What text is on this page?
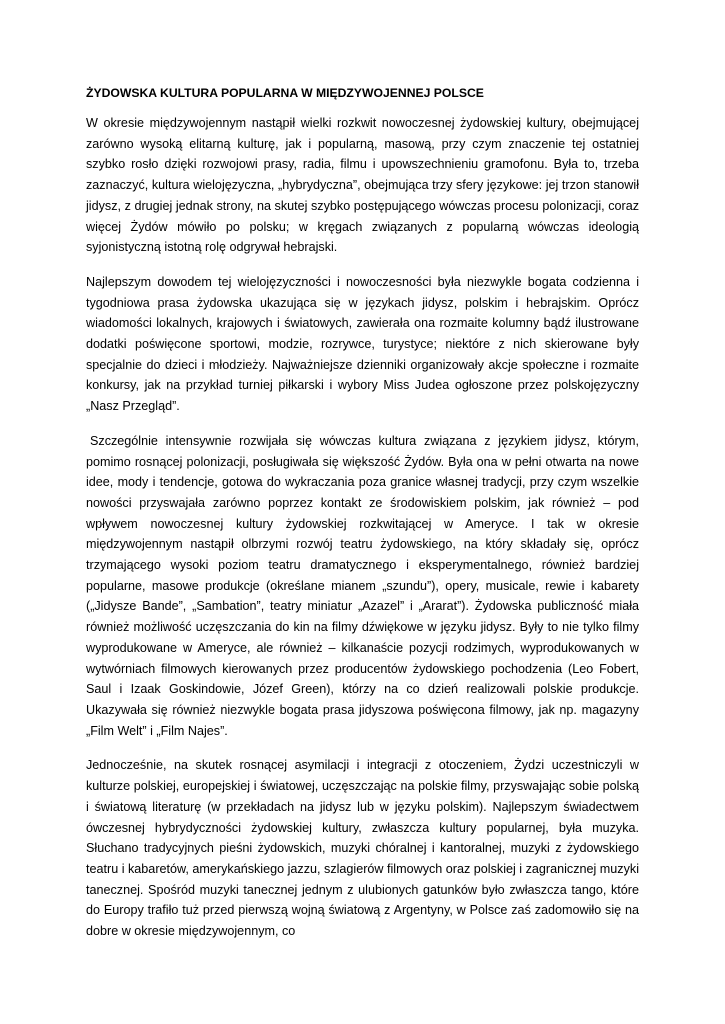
ŻYDOWSKA KULTURA POPULARNA W MIĘDZYWOJENNEJ POLSCE

W okresie międzywojennym nastąpił wielki rozkwit nowoczesnej żydowskiej kultury, obejmującej zarówno wysoką elitarną kulturę, jak i popularną, masową, przy czym znaczenie tej ostatniej szybko rosło dzięki rozwojowi prasy, radia, filmu i upowszechnieniu gramofonu. Była to, trzeba zaznaczyć, kultura wielojęzyczna, „hybrydyczna”, obejmująca trzy sfery językowe: jej trzon stanowił jidysz, z drugiej jednak strony, na skutej szybko postępującego wówczas procesu polonizacji, coraz więcej Żydów mówiło po polsku; w kręgach związanych z popularną wówczas ideologią syjonistyczną istotną rolę odgrywał hebrajski.

Najlepszym dowodem tej wielojęzyczności i nowoczesności była niezwykle bogata codzienna i tygodniowa prasa żydowska ukazująca się w językach jidysz, polskim i hebrajskim. Oprócz wiadomości lokalnych, krajowych i światowych, zawierała ona rozmaite kolumny bądź ilustrowane dodatki poświęcone sportowi, modzie, rozrywce, turystyce; niektóre z nich skierowane były specjalnie do dzieci i młodzieży. Najważniejsze dzienniki organizowały akcje społeczne i rozmaite konkursy, jak na przykład turniej piłkarski i wybory Miss Judea ogłoszone przez polskojęzyczny „Nasz Przegląd”.

Szczególnie intensywnie rozwijała się wówczas kultura związana z językiem jidysz, którym, pomimo rosnącej polonizacji, posługiwała się większość Żydów. Była ona w pełni otwarta na nowe idee, mody i tendencje, gotowa do wykraczania poza granice własnej tradycji, przy czym wszelkie nowości przyswajała zarówno poprzez kontakt ze środowiskiem polskim, jak również – pod wpływem nowoczesnej kultury żydowskiej rozkwitającej w Ameryce. I tak w okresie międzywojennym nastąpił olbrzymi rozwój teatru żydowskiego, na który składały się, oprócz trzymającego wysoki poziom teatru dramatycznego i eksperymentalnego, również bardziej popularne, masowe produkcje (określane mianem „szundu”), opery, musicale, rewie i kabarety („Jidysze Bande”, „Sambation”, teatry miniatur „Azazel” i „Ararat”). Żydowska publiczność miała również możliwość uczęszczania do kin na filmy dźwiękowe w języku jidysz. Były to nie tylko filmy wyprodukowane w Ameryce, ale również – kilkanaście pozycji rodzimych, wyprodukowanych w wytwórniach filmowych kierowanych przez producentów żydowskiego pochodzenia (Leo Fobert, Saul i Izaak Goskindowie, Józef Green), którzy na co dzień realizowali polskie produkcje. Ukazywała się również niezwykle bogata prasa jidyszowa poświęcona filmowy, jak np. magazyny „Film Welt” i „Film Najes”.

Jednocześnie, na skutek rosnącej asymilacji i integracji z otoczeniem, Żydzi uczestniczyli w kulturze polskiej, europejskiej i światowej, uczęszczając na polskie filmy, przyswajając sobie polską i światową literaturę (w przekładach na jidysz lub w języku polskim). Najlepszym świadectwem ówczesnej hybrydyczności żydowskiej kultury, zwłaszcza kultury popularnej, była muzyka. Słuchano tradycyjnych pieśni żydowskich, muzyki chóralnej i kantoralnej, muzyki z żydowskiego teatru i kabaretów, amerykańskiego jazzu, szlagierów filmowych oraz polskiej i zagranicznej muzyki tanecznej. Spośród muzyki tanecznej jednym z ulubionych gatunków było zwłaszcza tango, które do Europy trafiło tuż przed pierwszą wojną światową z Argentyny, w Polsce zaś zadomowiło się na dobre w okresie międzywojennym, co
